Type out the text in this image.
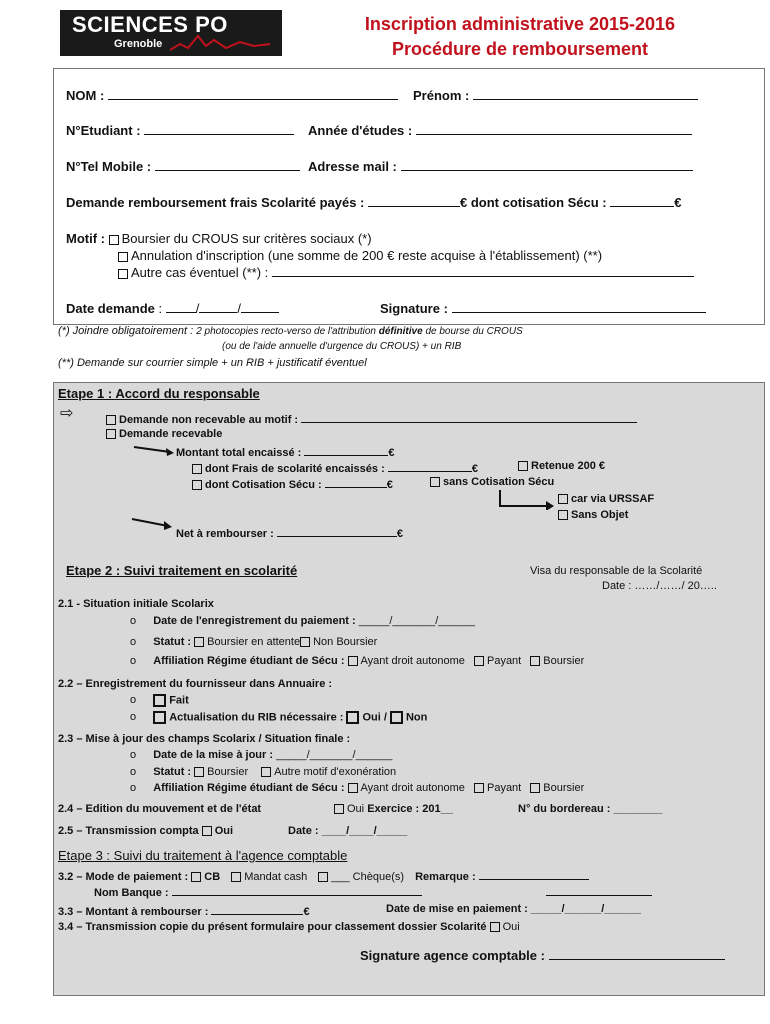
SCIENCES PO
Grenoble
Inscription administrative 2015-2016
Procédure de remboursement
NOM :	Prénom :
N°Etudiant :	Année d'études :
N°Tel Mobile :	Adresse mail :
Demande remboursement frais Scolarité payés :	€ dont cotisation Sécu :	€
Motif : Boursier du CROUS sur critères sociaux (*)
Annulation d'inscription (une somme de 200 € reste acquise à l'établissement) (**)
Autre cas éventuel (**) :
Date demande :	/	/	Signature :
(*) Joindre obligatoirement : 2 photocopies recto-verso de l'attribution définitive de bourse du CROUS
(ou de l'aide annuelle d'urgence du CROUS) + un RIB
(**) Demande sur courrier simple + un RIB + justificatif éventuel
Etape 1 : Accord du responsable
⇨	Demande non recevable au motif :
Demande recevable
Montant total encaissé :	€
dont Frais de scolarité encaissés :	€	Retenue 200 €
dont Cotisation Sécu :	€	sans Cotisation Sécu
car via URSSAF
Sans Objet
Net à rembourser :	€
Etape 2 : Suivi traitement en scolarité	Visa du responsable de la Scolarité
Date : ……/……/ 20…..
2.1 - Situation initiale Scolarix
o Date de l'enregistrement du paiement : _____/_______/______
o Statut : Boursier en attente Non Boursier
o Affiliation Régime étudiant de Sécu : Ayant droit autonome Payant Boursier
2.2 – Enregistrement du fournisseur dans Annuaire :
o	Fait
o	Actualisation du RIB nécessaire : Oui / Non
2.3 – Mise à jour des champs Scolarix / Situation finale :
o Date de la mise à jour : _____/_______/______
o Statut : Boursier Autre motif d'exonération
o Affiliation Régime étudiant de Sécu : Ayant droit autonome Payant Boursier
2.4 – Edition du mouvement et de l'état	Oui Exercice : 201__	N° du bordereau : ________
2.5 – Transmission compta Oui	Date : ____/____/_____
Etape 3 : Suivi du traitement à l'agence comptable
3.2 – Mode de paiement : CB Mandat cash ___ Chèque(s) Remarque :
Nom Banque :
3.3 – Montant à rembourser :	€	Date de mise en paiement : _____/______/______
3.4 – Transmission copie du présent formulaire pour classement dossier Scolarité Oui
Signature agence comptable :
